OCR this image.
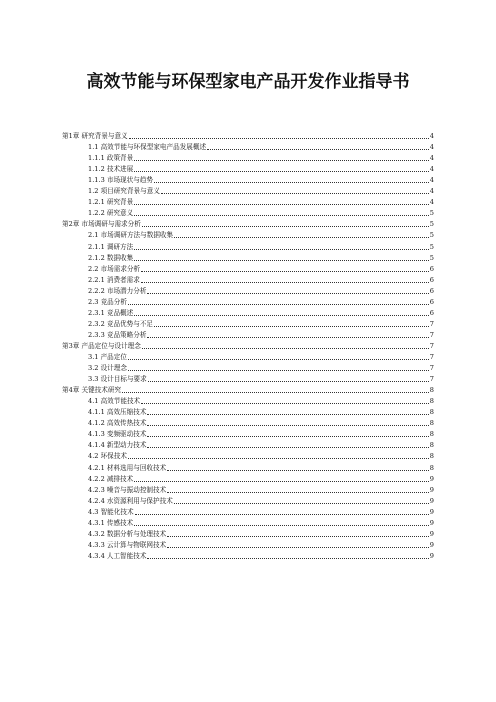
高效节能与环保型家电产品开发作业指导书
第1章 研究背景与意义	4
1.1 高效节能与环保型家电产品发展概述	4
1.1.1 政策背景	4
1.1.2 技术进展	4
1.1.3 市场现状与趋势	4
1.2 项目研究背景与意义	4
1.2.1 研究背景	4
1.2.2 研究意义	5
第2章 市场调研与需求分析	5
2.1 市场调研方法与数据收集	5
2.1.1 调研方法	5
2.1.2 数据收集	5
2.2 市场需求分析	6
2.2.1 消费者需求	6
2.2.2 市场潜力分析	6
2.3 竞品分析	6
2.3.1 竞品概述	6
2.3.2 竞品优势与不足	7
2.3.3 竞品策略分析	7
第3章 产品定位与设计理念	7
3.1 产品定位	7
3.2 设计理念	7
3.3 设计目标与要求	7
第4章 关键技术研究	8
4.1 高效节能技术	8
4.1.1 高效压缩技术	8
4.1.2 高效传热技术	8
4.1.3 变频驱动技术	8
4.1.4 新型动力技术	8
4.2 环保技术	8
4.2.1 材料选用与回收技术	8
4.2.2 减排技术	9
4.2.3 噪音与振动控制技术	9
4.2.4 水资源利用与保护技术	9
4.3 智能化技术	9
4.3.1 传感技术	9
4.3.2 数据分析与处理技术	9
4.3.3 云计算与物联网技术	9
4.3.4 人工智能技术	9
